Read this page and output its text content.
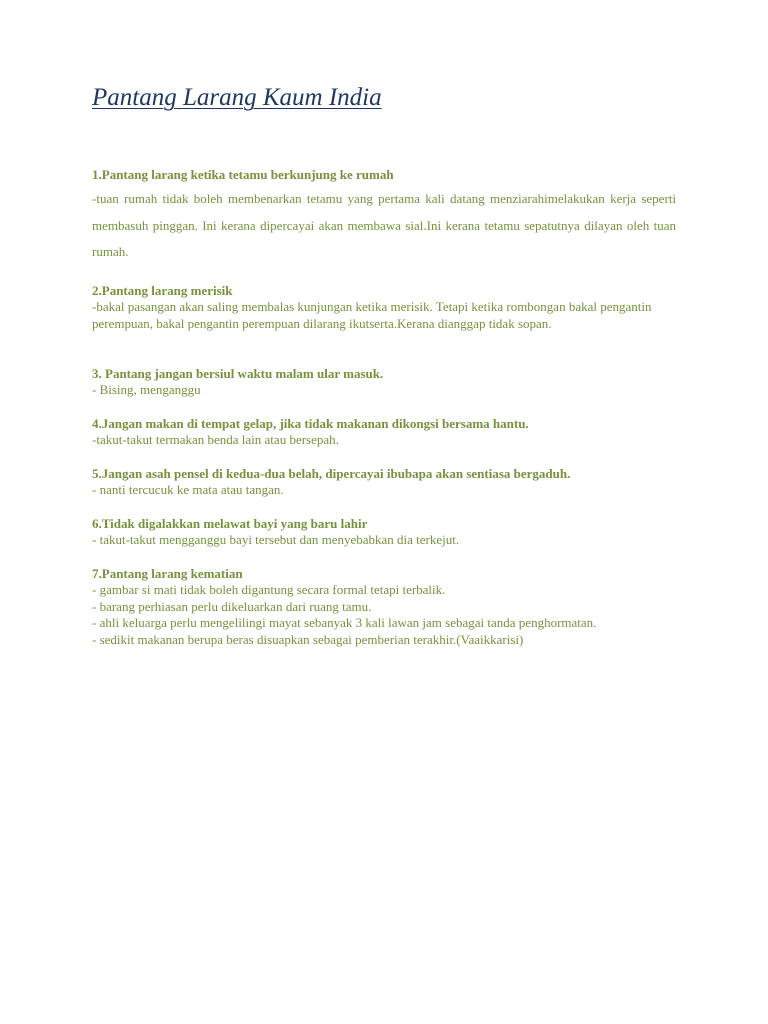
Pantang Larang Kaum India
1.Pantang larang ketika tetamu berkunjung ke rumah
-tuan rumah tidak boleh membenarkan tetamu yang pertama kali datang menziarahimelakukan kerja seperti membasuh pinggan. Ini kerana dipercayai akan membawa sial.Ini kerana tetamu sepatutnya dilayan oleh tuan rumah.
2.Pantang larang merisik
-bakal pasangan akan saling membalas kunjungan ketika merisik. Tetapi ketika rombongan bakal pengantin perempuan, bakal pengantin perempuan dilarang ikutserta.Kerana dianggap tidak sopan.
3. Pantang jangan bersiul waktu malam ular masuk.
- Bising, menganggu
4.Jangan makan di tempat gelap, jika tidak makanan dikongsi bersama hantu.
-takut-takut termakan benda lain atau bersepah.
5.Jangan asah pensel di kedua-dua belah, dipercayai ibubapa akan sentiasa bergaduh.
- nanti tercucuk ke mata atau tangan.
6.Tidak digalakkan melawat bayi yang baru lahir
- takut-takut mengganggu bayi tersebut dan menyebabkan dia terkejut.
7.Pantang larang kematian
- gambar si mati tidak boleh digantung secara formal tetapi terbalik.
- barang perhiasan perlu dikeluarkan dari ruang tamu.
- ahli keluarga perlu mengelilingi mayat sebanyak 3 kali lawan jam sebagai tanda penghormatan.
- sedikit makanan berupa beras disuapkan sebagai pemberian terakhir.(Vaaikkarisi)
